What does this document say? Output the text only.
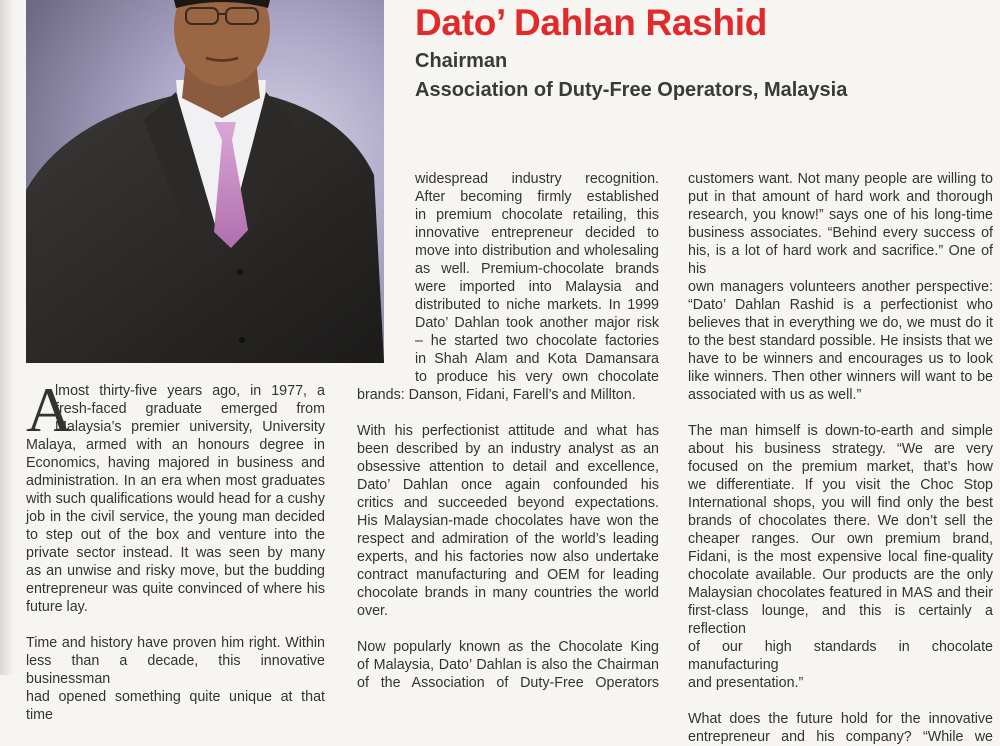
Dato’ Dahlan Rashid
Chairman
Association of Duty-Free Operators, Malaysia
A

lmost thirty-five years ago, in 1977, a

fresh-faced graduate emerged from

Malaysia’s premier university, University

Malaya, armed with an honours degree in

Economics, having majored in business and

administration. In an era when most graduates

with such qualifications would head for a cushy

job in the civil service, the young man decided

to step out of the box and venture into the

private sector instead. It was seen by many

as an unwise and risky move, but the budding

entrepreneur was quite convinced of where his

future lay.

Time and history have proven him right. Within

less than a decade, this innovative businessman

had opened something quite unique at that time

widespread industry recognition.

After becoming firmly established

in premium chocolate retailing, this

innovative entrepreneur decided to

move into distribution and wholesaling

as well. Premium-chocolate brands

were imported into Malaysia and

distributed to niche markets. In 1999

Dato’ Dahlan took another major risk

– he started two chocolate factories

in Shah Alam and Kota Damansara

to produce his very own chocolate

brands: Danson, Fidani, Farell’s and Millton.

With his perfectionist attitude and what has

been described by an industry analyst as an

obsessive attention to detail and excellence,

Dato’ Dahlan once again confounded his

critics and succeeded beyond expectations.

His Malaysian-made chocolates have won the

respect and admiration of the world’s leading

experts, and his factories now also undertake

contract manufacturing and OEM for leading

chocolate brands in many countries the world

over.

Now popularly known as the Chocolate King

of Malaysia, Dato’ Dahlan is also the Chairman

of the Association of Duty-Free Operators

customers want. Not many people are willing to

put in that amount of hard work and thorough

research, you know!” says one of his long-time

business associates. “Behind every success of

his, is a lot of hard work and sacrifice.” One of his

own managers volunteers another perspective:

“Dato’ Dahlan Rashid is a perfectionist who

believes that in everything we do, we must do it

to the best standard possible. He insists that we

have to be winners and encourages us to look

like winners. Then other winners will want to be

associated with us as well.”

The man himself is down-to-earth and simple

about his business strategy. “We are very

focused on the premium market, that’s how

we differentiate. If you visit the Choc Stop

International shops, you will find only the best

brands of chocolates there. We don’t sell the

cheaper ranges. Our own premium brand,

Fidani, is the most expensive local fine-quality

chocolate available. Our products are the only

Malaysian chocolates featured in MAS and their

first-class lounge, and this is certainly a reflection

of our high standards in chocolate manufacturing

and presentation.”

What does the future hold for the innovative

entrepreneur and his company? “While we
